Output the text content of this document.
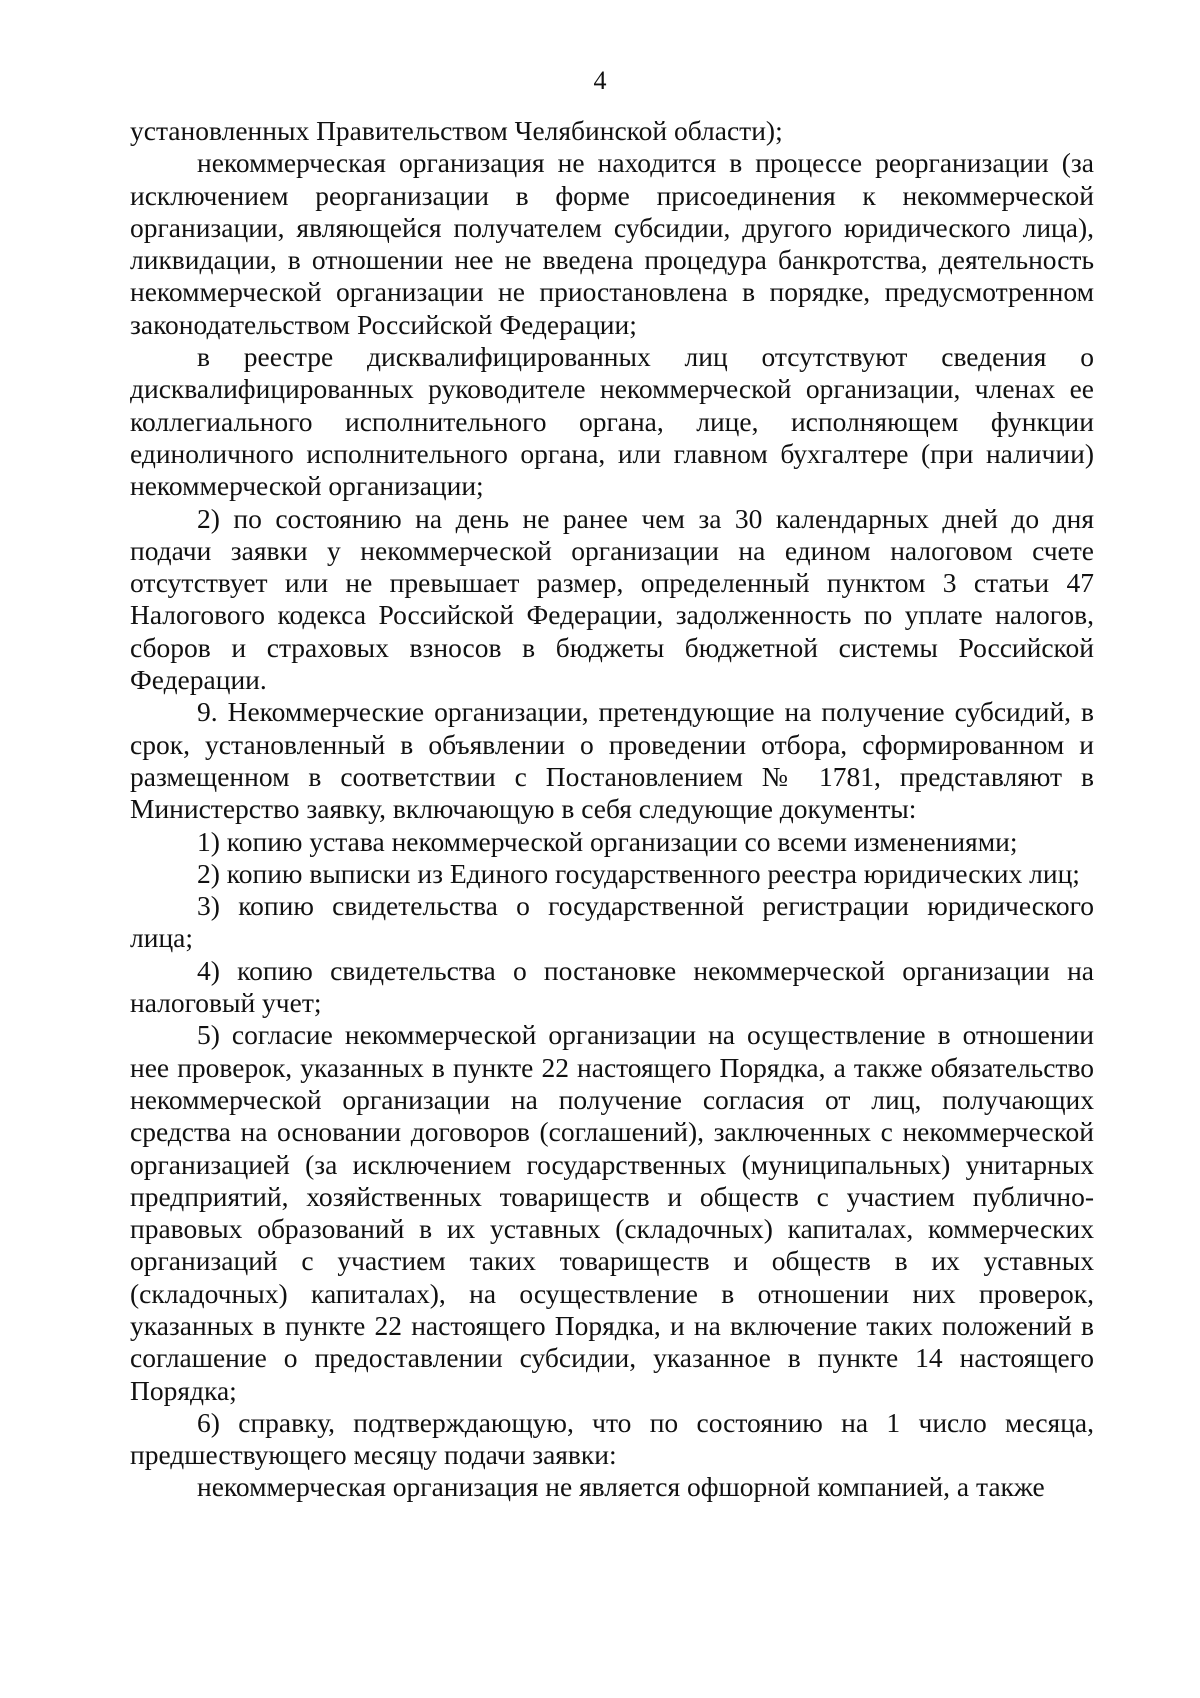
4

установленных Правительством Челябинской области);

некоммерческая организация не находится в процессе реорганизации (за исключением реорганизации в форме присоединения к некоммерческой организации, являющейся получателем субсидии, другого юридического лица), ликвидации, в отношении нее не введена процедура банкротства, деятельность некоммерческой организации не приостановлена в порядке, предусмотренном законодательством Российской Федерации;

в реестре дисквалифицированных лиц отсутствуют сведения о дисквалифицированных руководителе некоммерческой организации, членах ее коллегиального исполнительного органа, лице, исполняющем функции единоличного исполнительного органа, или главном бухгалтере (при наличии) некоммерческой организации;

2) по состоянию на день не ранее чем за 30 календарных дней до дня подачи заявки у некоммерческой организации на едином налоговом счете отсутствует или не превышает размер, определенный пунктом 3 статьи 47 Налогового кодекса Российской Федерации, задолженность по уплате налогов, сборов и страховых взносов в бюджеты бюджетной системы Российской Федерации.

9. Некоммерческие организации, претендующие на получение субсидий, в срок, установленный в объявлении о проведении отбора, сформированном и размещенном в соответствии с Постановлением № 1781, представляют в Министерство заявку, включающую в себя следующие документы:

1) копию устава некоммерческой организации со всеми изменениями;

2) копию выписки из Единого государственного реестра юридических лиц;

3) копию свидетельства о государственной регистрации юридического лица;

4) копию свидетельства о постановке некоммерческой организации на налоговый учет;

5) согласие некоммерческой организации на осуществление в отношении нее проверок, указанных в пункте 22 настоящего Порядка, а также обязательство некоммерческой организации на получение согласия от лиц, получающих средства на основании договоров (соглашений), заключенных с некоммерческой организацией (за исключением государственных (муниципальных) унитарных предприятий, хозяйственных товариществ и обществ с участием публично-правовых образований в их уставных (складочных) капиталах, коммерческих организаций с участием таких товариществ и обществ в их уставных (складочных) капиталах), на осуществление в отношении них проверок, указанных в пункте 22 настоящего Порядка, и на включение таких положений в соглашение о предоставлении субсидии, указанное в пункте 14 настоящего Порядка;

6) справку, подтверждающую, что по состоянию на 1 число месяца, предшествующего месяцу подачи заявки:

некоммерческая организация не является офшорной компанией, а также
